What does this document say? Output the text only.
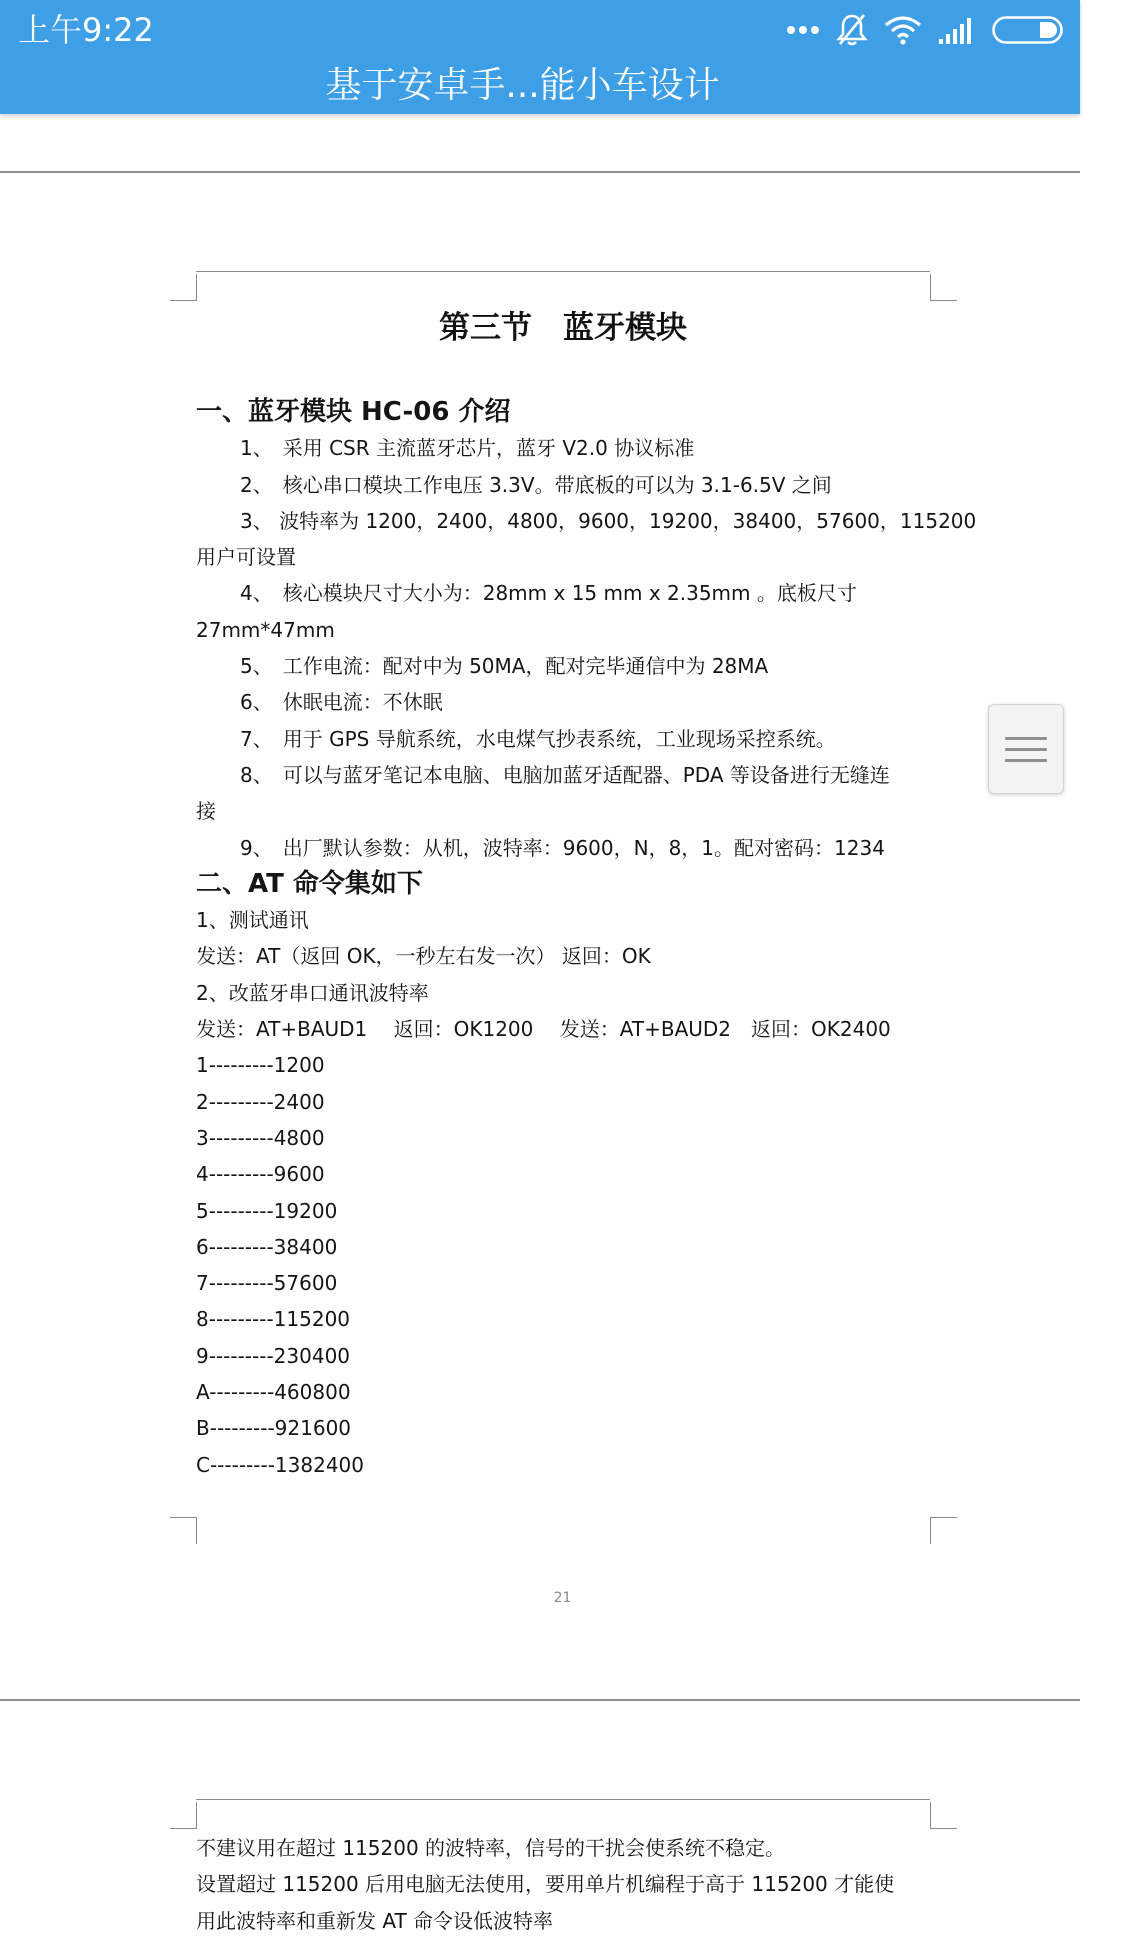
上午9:22
基于安卓手...能小车设计
第三节　蓝牙模块
一、蓝牙模块 HC-06 介绍
1、　采用 CSR 主流蓝牙芯片，蓝牙 V2.0 协议标准
2、　核心串口模块工作电压 3.3V。带底板的可以为 3.1-6.5V 之间
3、 波特率为 1200，2400，4800，9600，19200，38400，57600，115200
用户可设置
4、　核心模块尺寸大小为：28mm x 15 mm x 2.35mm 。底板尺寸
27mm*47mm
5、　工作电流：配对中为 50MA，配对完毕通信中为 28MA
6、　休眠电流：不休眠
7、　用于 GPS 导航系统，水电煤气抄表系统，工业现场采控系统。
8、　可以与蓝牙笔记本电脑、电脑加蓝牙适配器、PDA 等设备进行无缝连
接
9、　出厂默认参数：从机，波特率：9600，N，8，1。配对密码：1234
二、AT 命令集如下
1、测试通讯
发送：AT（返回 OK，一秒左右发一次） 返回：OK
2、改蓝牙串口通讯波特率
发送：AT+BAUD1　 返回：OK1200　 发送：AT+BAUD2　返回：OK2400
1---------1200
2---------2400
3---------4800
4---------9600
5---------19200
6---------38400
7---------57600
8---------115200
9---------230400
A---------460800
B---------921600
C---------1382400
21
不建议用在超过 115200 的波特率，信号的干扰会使系统不稳定。
设置超过 115200 后用电脑无法使用，要用单片机编程于高于 115200 才能使
用此波特率和重新发 AT 命令设低波特率
